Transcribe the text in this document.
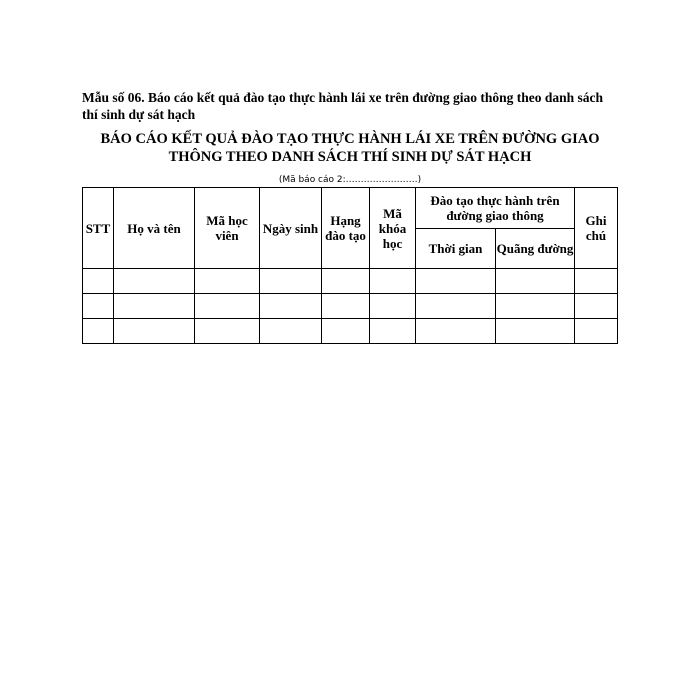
Mẫu số 06. Báo cáo kết quả đào tạo thực hành lái xe trên đường giao thông theo danh sách thí sinh dự sát hạch
BÁO CÁO KẾT QUẢ ĐÀO TẠO THỰC HÀNH LÁI XE TRÊN ĐƯỜNG GIAO THÔNG THEO DANH SÁCH THÍ SINH DỰ SÁT HẠCH
(Mã báo cáo 2:……………………)
STT	Họ và tên	Mã học viên	Ngày sinh	Hạng đào tạo	Mã khóa học	Đào tạo thực hành trên đường giao thông		Ghi chú

						Thời gian	Quãng đường	
